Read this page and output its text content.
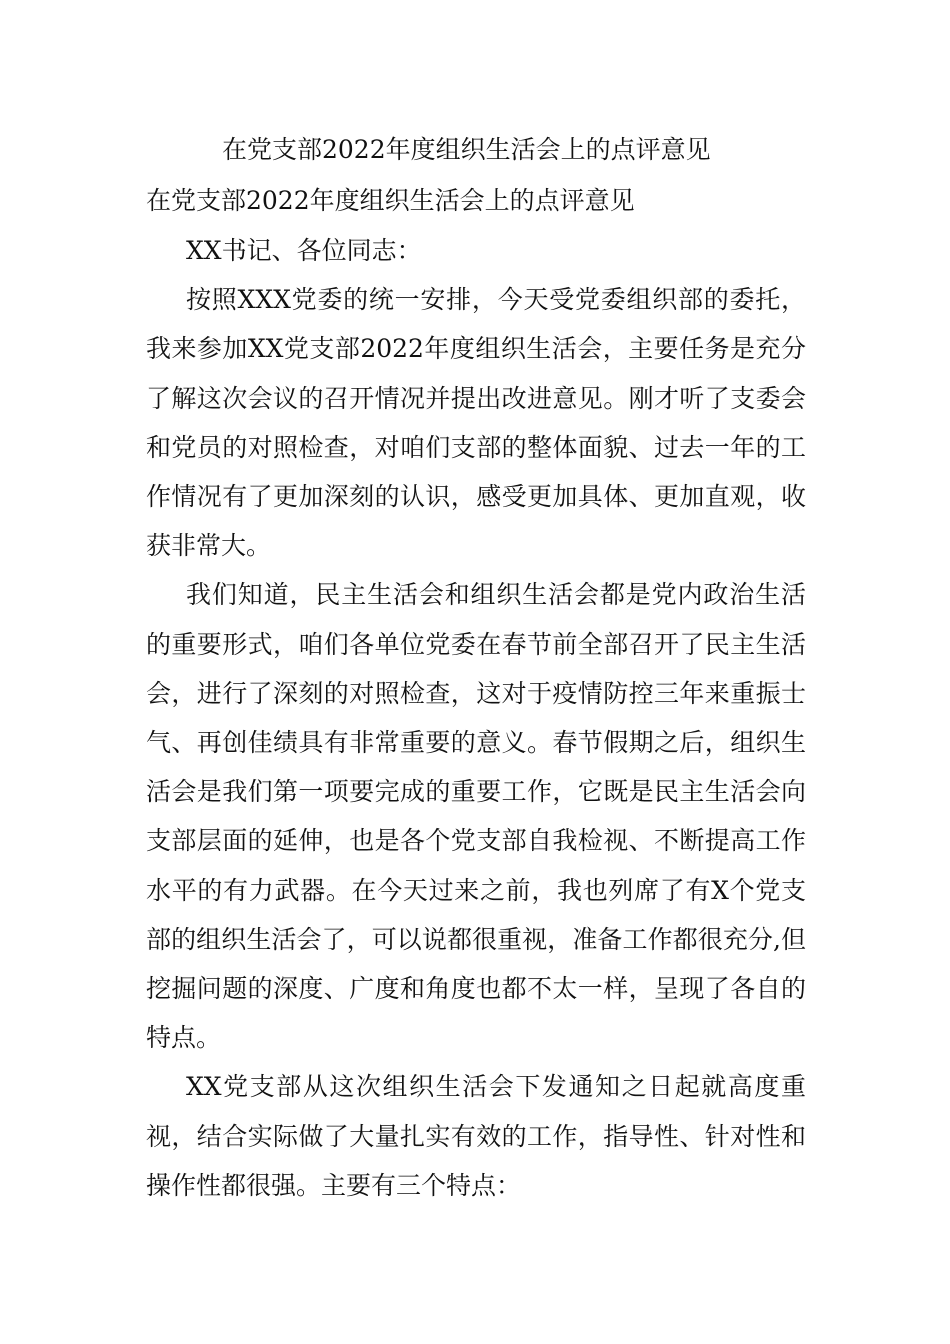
在党支部2022年度组织生活会上的点评意见
在党支部2022年度组织生活会上的点评意见

XX书记、各位同志：

按照XXX党委的统一安排，今天受党委组织部的委托，我来参加XX党支部2022年度组织生活会，主要任务是充分了解这次会议的召开情况并提出改进意见。刚才听了支委会和党员的对照检查，对咱们支部的整体面貌、过去一年的工作情况有了更加深刻的认识，感受更加具体、更加直观，收获非常大。

我们知道，民主生活会和组织生活会都是党内政治生活的重要形式，咱们各单位党委在春节前全部召开了民主生活会，进行了深刻的对照检查，这对于疫情防控三年来重振士气、再创佳绩具有非常重要的意义。春节假期之后，组织生活会是我们第一项要完成的重要工作，它既是民主生活会向支部层面的延伸，也是各个党支部自我检视、不断提高工作水平的有力武器。在今天过来之前，我也列席了有X个党支部的组织生活会了，可以说都很重视，准备工作都很充分,但挖掘问题的深度、广度和角度也都不太一样，呈现了各自的特点。

XX党支部从这次组织生活会下发通知之日起就高度重视，结合实际做了大量扎实有效的工作，指导性、针对性和操作性都很强。主要有三个特点：
